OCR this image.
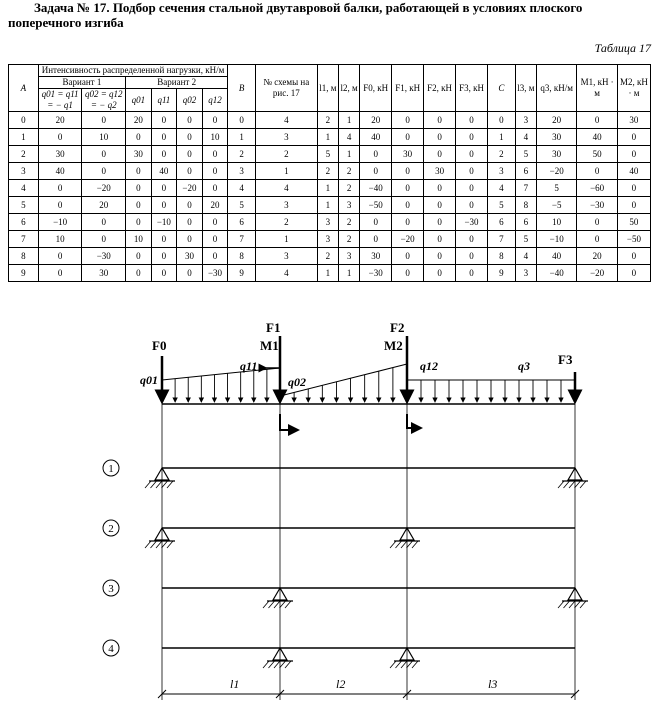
Задача № 17. Подбор сечения стальной двутавровой балки, работающей в условиях плоского поперечного изгиба
Таблица 17
A	Интенсивность распределенной нагрузки, кН/м						B	№ схемы на рис. 17	l1, м	l2, м	F0, кН	F1, кН	F2, кН	F3, кН	C	l3, м	q3, кН/м	M1, кН · м	M2, кН · м
	Вариант 1		Вариант 2																
	q01 = q11 = − q1	q02 = q12 = − q2	q01	q11	q02	q12													
0	20	0	20	0	0	0	0	4	2	1	20	0	0	0	0	3	20	0	30
1	0	10	0	0	0	10	1	3	1	4	40	0	0	0	1	4	30	40	0
2	30	0	30	0	0	0	2	2	5	1	0	30	0	0	2	5	30	50	0
3	40	0	0	40	0	0	3	1	2	2	0	0	30	0	3	6	−20	0	40
4	0	−20	0	0	−20	0	4	4	1	2	−40	0	0	0	4	7	5	−60	0
5	0	20	0	0	0	20	5	3	1	3	−50	0	0	0	5	8	−5	−30	0
6	−10	0	0	−10	0	0	6	2	3	2	0	0	0	−30	6	6	10	0	50
7	10	0	10	0	0	0	7	1	3	2	0	−20	0	0	7	5	−10	0	−50
8	0	−30	0	0	30	0	8	3	2	3	30	0	0	0	8	4	40	20	0
9	0	30	0	0	0	−30	9	4	1	1	−30	0	0	0	9	3	−40	−20	0
1
2
3
4
F0
F1
M1
F2
M2
F3
q01
q11
q02
q12	q3
l1	l2	l3
